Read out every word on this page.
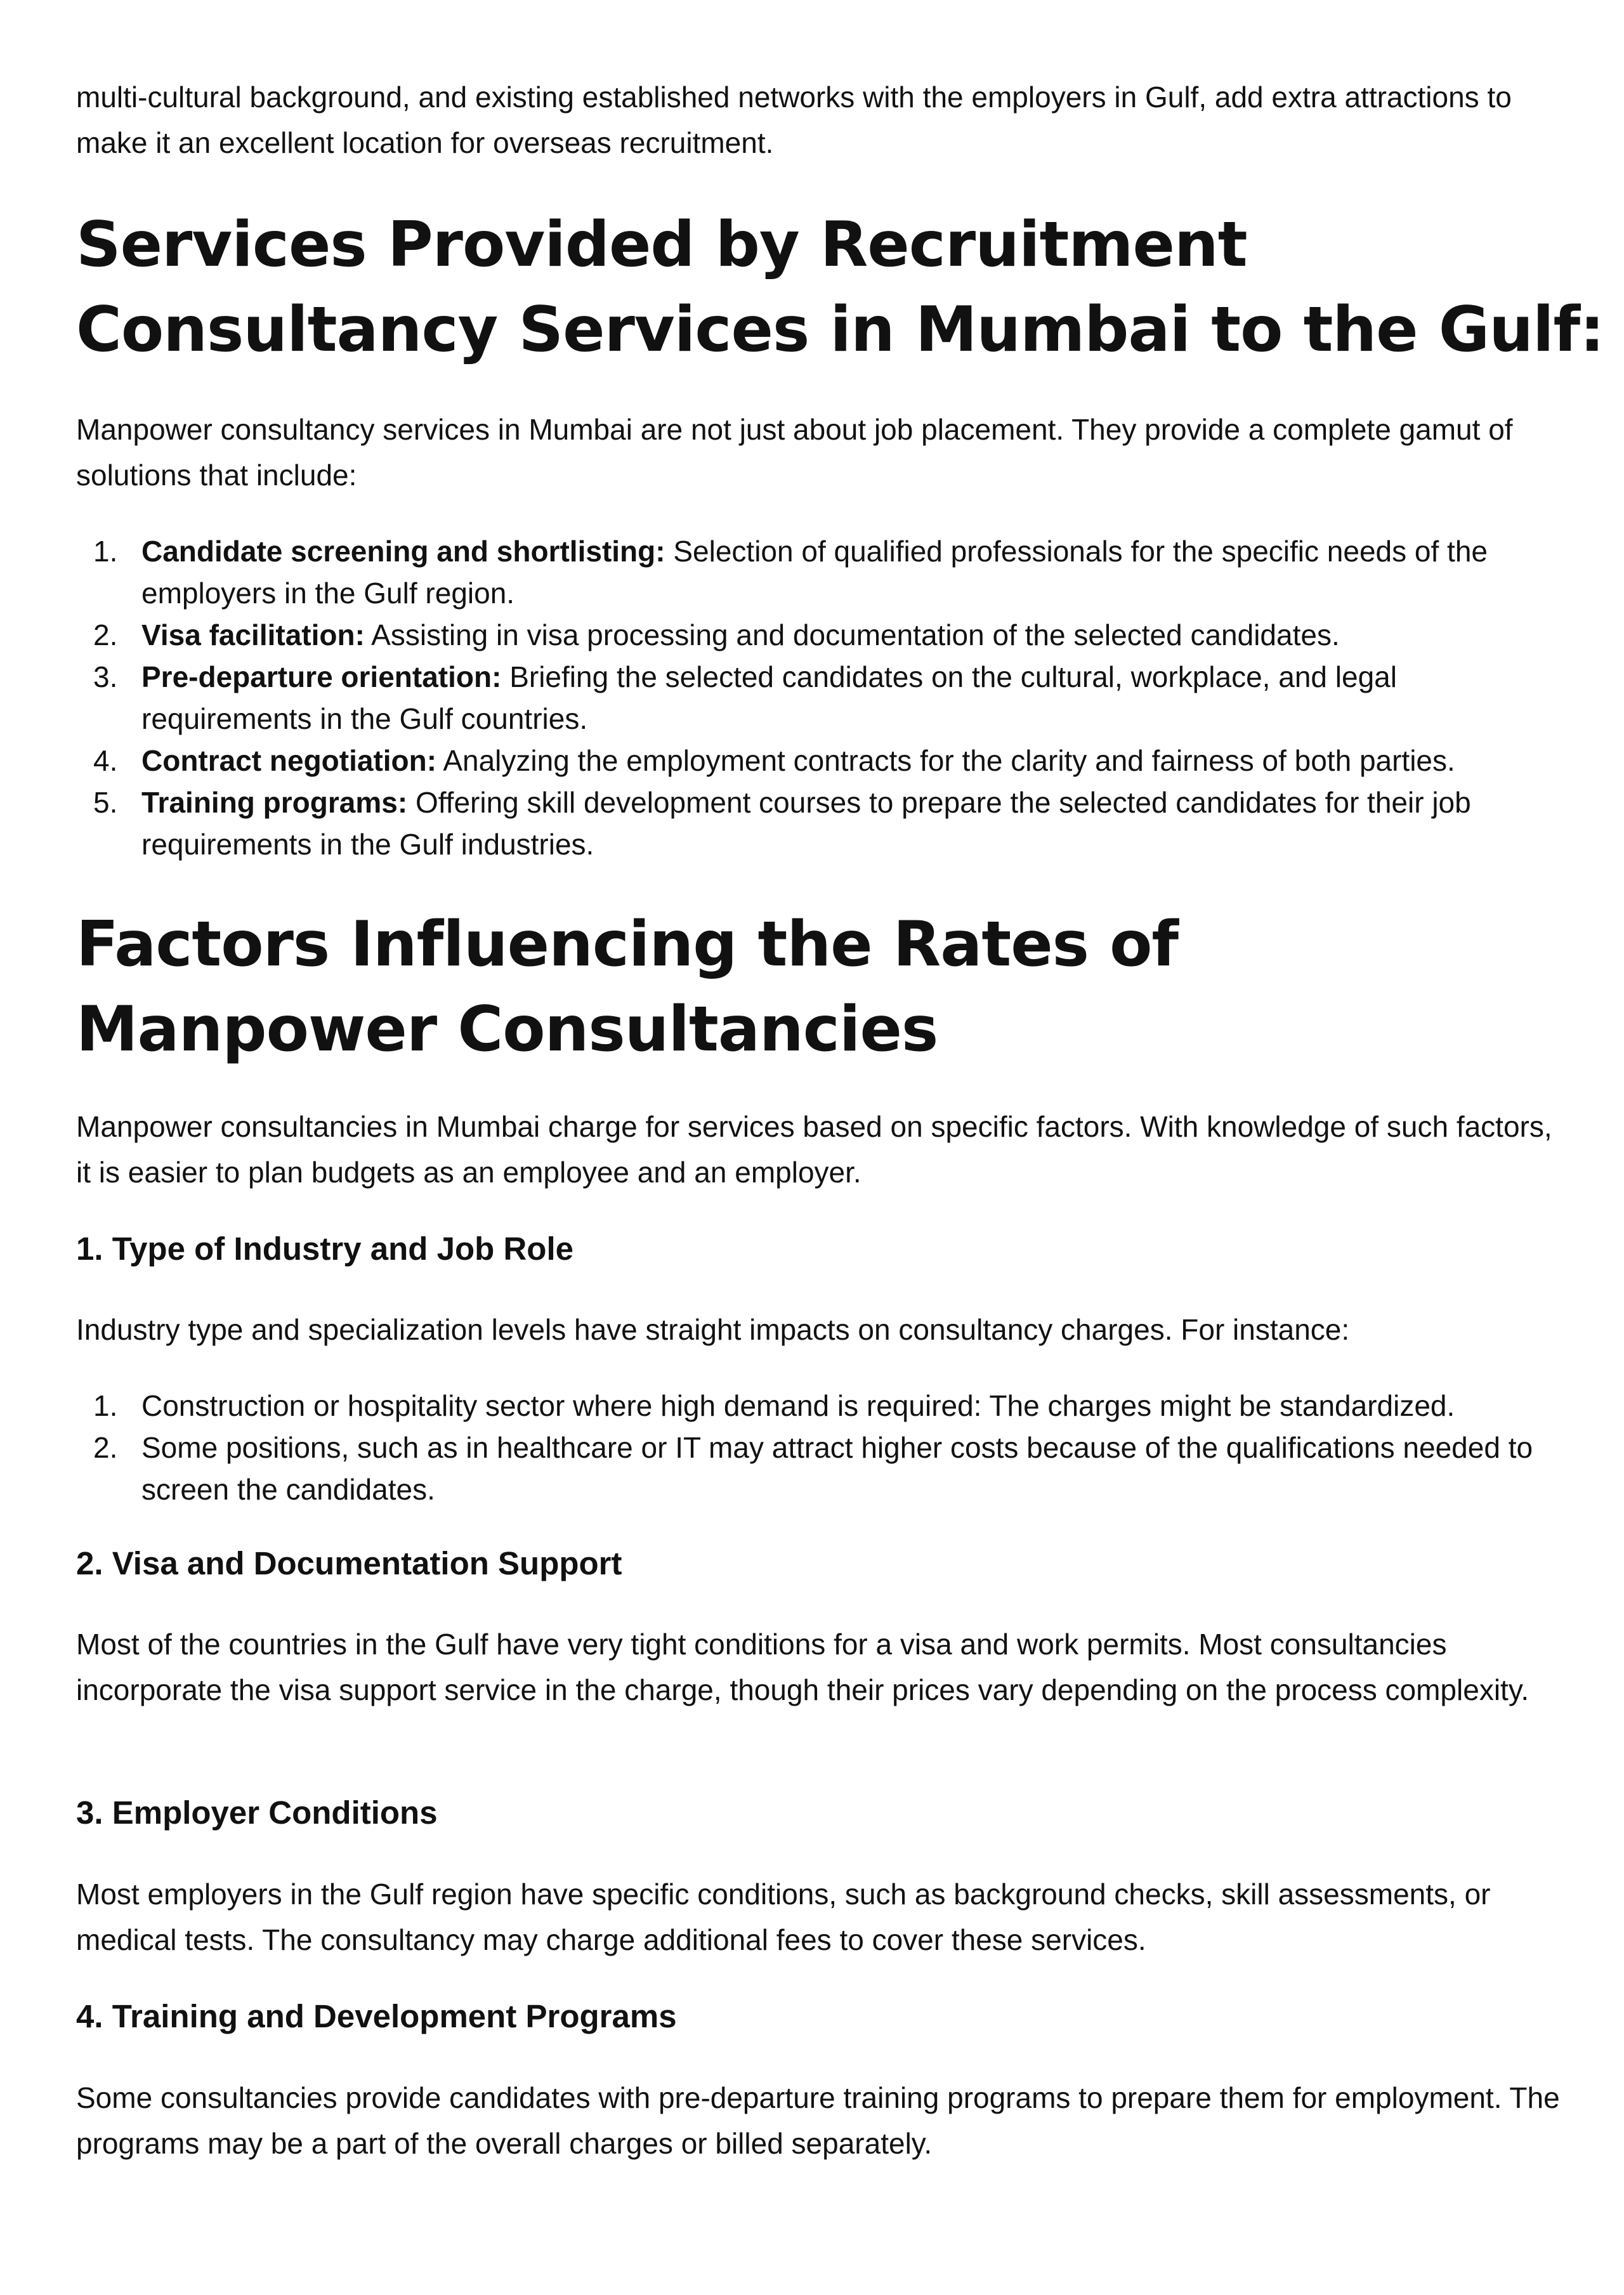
multi-cultural background, and existing established networks with the employers in Gulf, add extra attractions to make it an excellent location for overseas recruitment.

Services Provided by Recruitment Consultancy Services in Mumbai to the Gulf:

Manpower consultancy services in Mumbai are not just about job placement. They provide a complete gamut of solutions that include:

1. Candidate screening and shortlisting: Selection of qualified professionals for the specific needs of the employers in the Gulf region.
2. Visa facilitation: Assisting in visa processing and documentation of the selected candidates.
3. Pre-departure orientation: Briefing the selected candidates on the cultural, workplace, and legal requirements in the Gulf countries.
4. Contract negotiation: Analyzing the employment contracts for the clarity and fairness of both parties.
5. Training programs: Offering skill development courses to prepare the selected candidates for their job requirements in the Gulf industries.
Factors Influencing the Rates of Manpower Consultancies

Manpower consultancies in Mumbai charge for services based on specific factors. With knowledge of such factors, it is easier to plan budgets as an employee and an employer.

1. Type of Industry and Job Role

Industry type and specialization levels have straight impacts on consultancy charges. For instance:

1. Construction or hospitality sector where high demand is required: The charges might be standardized.
2. Some positions, such as in healthcare or IT may attract higher costs because of the qualifications needed to screen the candidates.
2. Visa and Documentation Support

Most of the countries in the Gulf have very tight conditions for a visa and work permits. Most consultancies incorporate the visa support service in the charge, though their prices vary depending on the process complexity.

3. Employer Conditions

Most employers in the Gulf region have specific conditions, such as background checks, skill assessments, or medical tests. The consultancy may charge additional fees to cover these services.

4. Training and Development Programs

Some consultancies provide candidates with pre-departure training programs to prepare them for employment. The programs may be a part of the overall charges or billed separately.
